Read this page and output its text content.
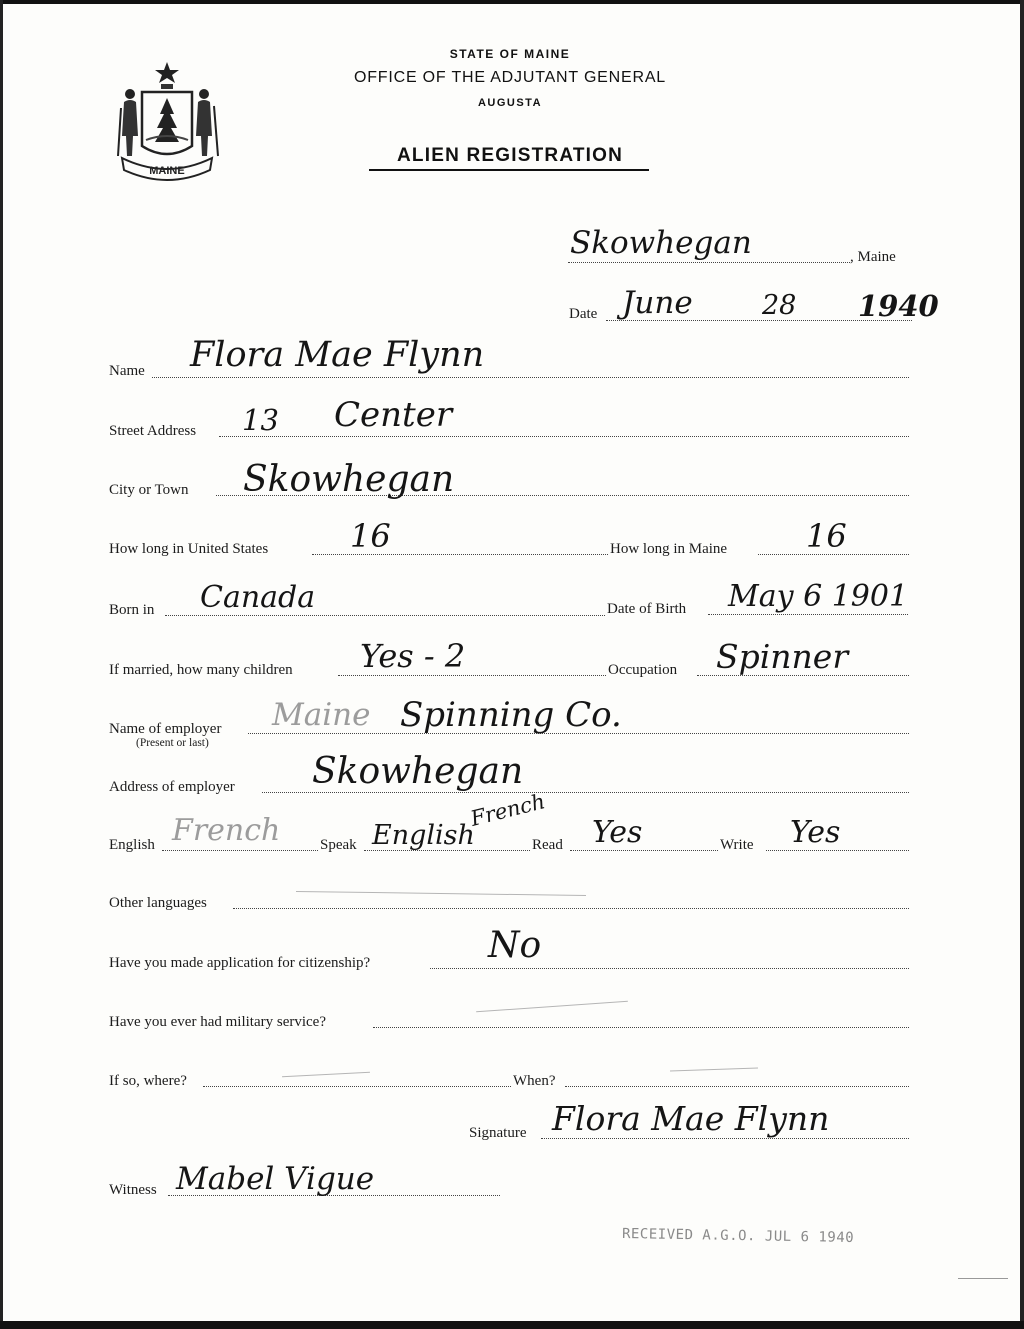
MAINE
STATE OF MAINE
OFFICE OF THE ADJUTANT GENERAL
AUGUSTA
ALIEN REGISTRATION
Skowhegan	, Maine
Date June	28 1940
Name Flora Mae Flynn
Street Address 13 Center
City or Town Skowhegan
How long in United States	16	How long in Maine 16
Born in Canada	Date of Birth May 6 1901
If married, how many children Yes - 2	Occupation Spinner
Name of employer
(Present or last)
Maine Spinning Co.
Address of employer Skowhegan
English French	Speak English
French
Read Yes	Write Yes
Other languages
Have you made application for citizenship?	No
Have you ever had military service?
If so, where?	When?
Signature Flora Mae Flynn
Witness Mabel Vigue
RECEIVED A.G.O. JUL 6 1940
